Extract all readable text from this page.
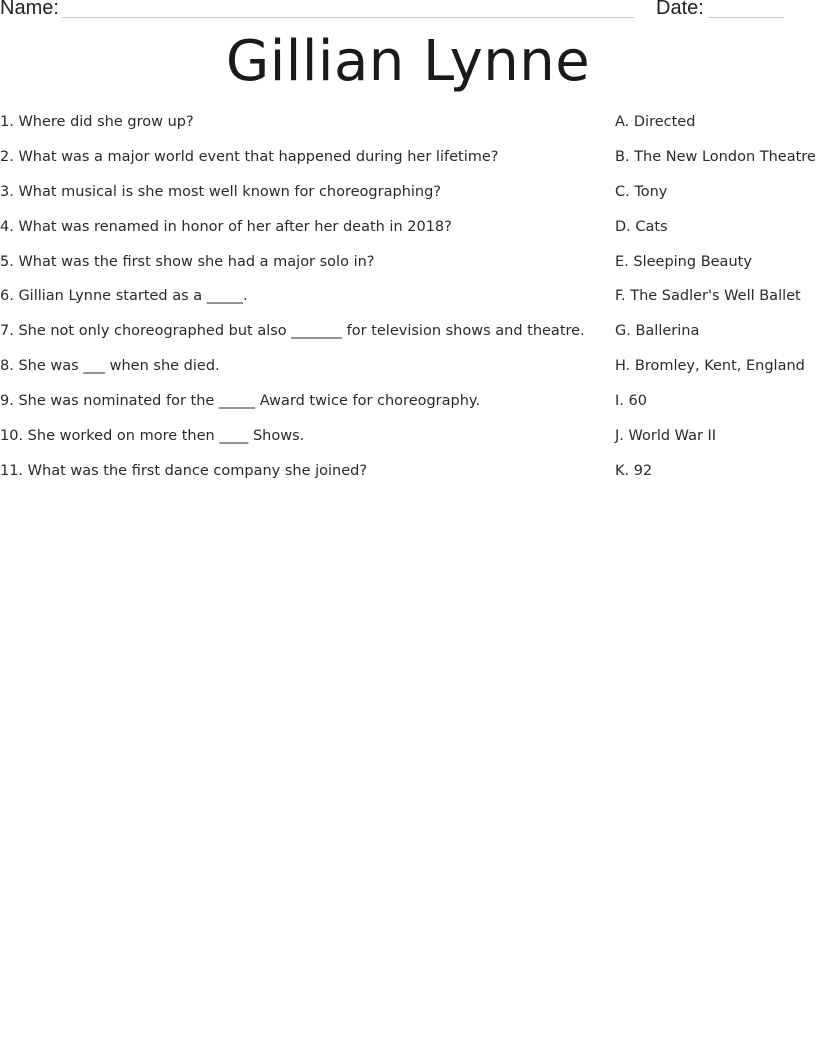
Name:	Date:
Gillian Lynne
1. Where did she grow up?
2. What was a major world event that happened during her lifetime?
3. What musical is she most well known for choreographing?
4. What was renamed in honor of her after her death in 2018?
5. What was the first show she had a major solo in?
6. Gillian Lynne started as a _____.
7. She not only choreographed but also _______ for television shows and theatre.
8. She was ___ when she died.
9. She was nominated for the _____ Award twice for choreography.
10. She worked on more then ____ Shows.
11. What was the first dance company she joined?
A. Directed
B. The New London Theatre
C. Tony
D. Cats
E. Sleeping Beauty
F. The Sadler's Well Ballet
G. Ballerina
H. Bromley, Kent, England
I. 60
J. World War II
K. 92
